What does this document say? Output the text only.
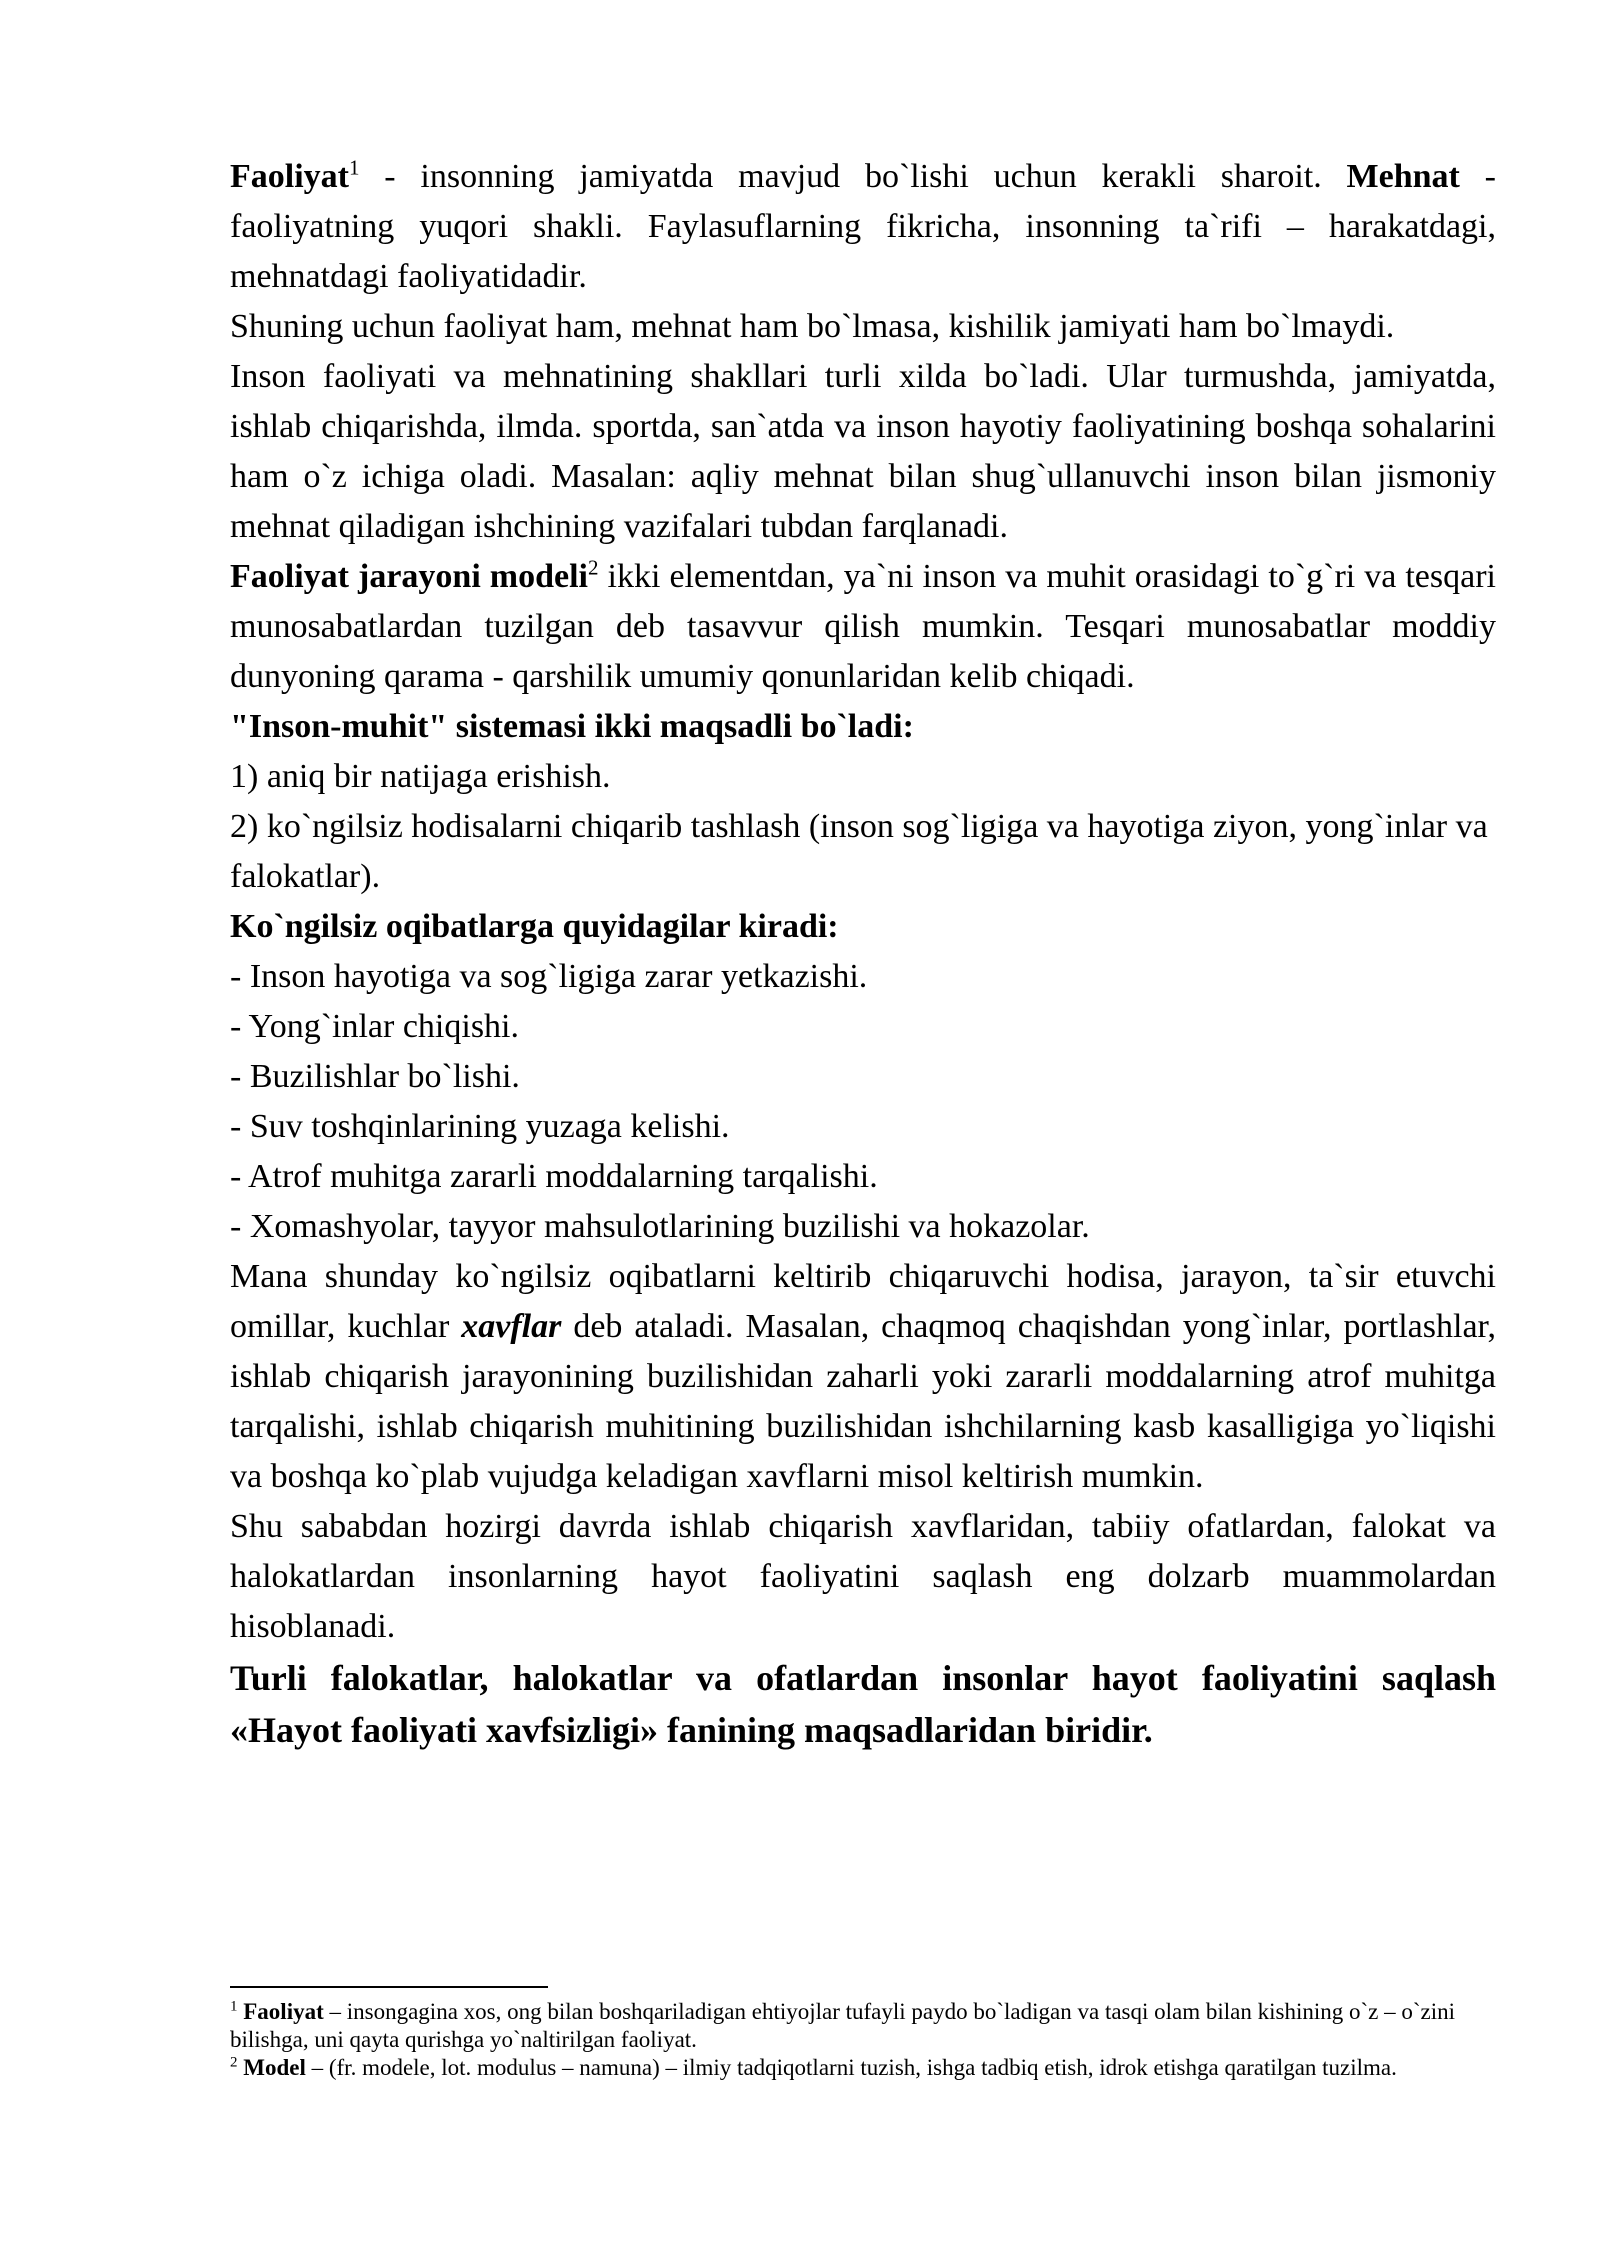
Faoliyat$^1$ - insonning jamiyatda mavjud bo`lishi uchun kerakli sharoit. Mehnat - faoliyatning yuqori shakli. Faylasuflarning fikricha, insonning ta`rifi – harakatdagi, mehnatdagi faoliyatidadir.

Shuning uchun faoliyat ham, mehnat ham bo`lmasa, kishilik jamiyati ham bo`lmaydi.

Inson faoliyati va mehnatining shakllari turli xilda bo`ladi. Ular turmushda, jamiyatda, ishlab chiqarishda, ilmda. sportda, san`atda va inson hayotiy faoliyatining boshqa sohalarini ham o`z ichiga oladi. Masalan: aqliy mehnat bilan shug`ullanuvchi inson bilan jismoniy mehnat qiladigan ishchining vazifalari tubdan farqlanadi.

Faoliyat jarayoni modeli$^2$ ikki elementdan, ya`ni inson va muhit orasidagi to`g`ri va tesqari munosabatlardan tuzilgan deb tasavvur qilish mumkin. Tesqari munosabatlar moddiy dunyoning qarama - qarshilik umumiy qonunlaridan kelib chiqadi.

"Inson-muhit" sistemasi ikki maqsadli bo`ladi:

1) aniq bir natijaga erishish.

2) ko`ngilsiz hodisalarni chiqarib tashlash (inson sog`ligiga va hayotiga ziyon, yong`inlar va falokatlar).

Ko`ngilsiz oqibatlarga quyidagilar kiradi:

- Inson hayotiga va sog`ligiga zarar yetkazishi.

- Yong`inlar chiqishi.

- Buzilishlar bo`lishi.

- Suv toshqinlarining yuzaga kelishi.

- Atrof muhitga zararli moddalarning tarqalishi.

- Xomashyolar, tayyor mahsulotlarining buzilishi va hokazolar.

Mana shunday ko`ngilsiz oqibatlarni keltirib chiqaruvchi hodisa, jarayon, ta`sir etuvchi omillar, kuchlar xavflar deb ataladi. Masalan, chaqmoq chaqishdan yong`inlar, portlashlar, ishlab chiqarish jarayonining buzilishidan zaharli yoki zararli moddalarning atrof muhitga tarqalishi, ishlab chiqarish muhitining buzilishidan ishchilarning kasb kasalligiga yo`liqishi va boshqa ko`plab vujudga keladigan xavflarni misol keltirish mumkin.

Shu sababdan hozirgi davrda ishlab chiqarish xavflaridan, tabiiy ofatlardan, falokat va halokatlardan insonlarning hayot faoliyatini saqlash eng dolzarb muammolardan hisoblanadi.

Turli falokatlar, halokatlar va ofatlardan insonlar hayot faoliyatini saqlash «Hayot faoliyati xavfsizligi» fanining maqsadlaridan biridir.

$^1$ Faoliyat – insongagina xos, ong bilan boshqariladigan ehtiyojlar tufayli paydo bo`ladigan va tasqi olam bilan kishining o`z – o`zini bilishga, uni qayta qurishga yo`naltirilgan faoliyat.

$^2$ Model – (fr. modele, lot. modulus – namuna) – ilmiy tadqiqotlarni tuzish, ishga tadbiq etish, idrok etishga qaratilgan tuzilma.
